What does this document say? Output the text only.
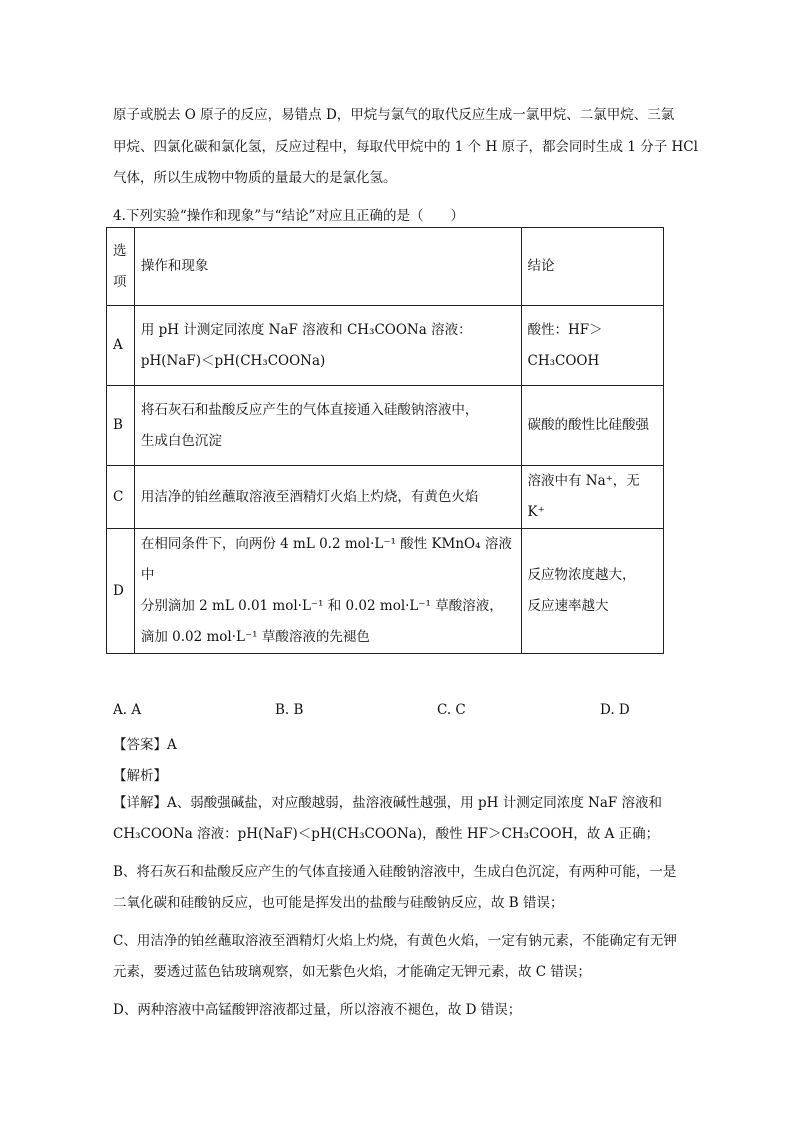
原子或脱去 O 原子的反应，易错点 D，甲烷与氯气的取代反应生成一氯甲烷、二氯甲烷、三氯
甲烷、四氯化碳和氯化氢，反应过程中，每取代甲烷中的 1 个 H 原子，都会同时生成 1 分子 HCl
气体，所以生成物中物质的量最大的是氯化氢。
4.下列实验“操作和现象”与“结论”对应且正确的是（　　）
选项	操作和现象	结论
A	用 pH 计测定同浓度 NaF 溶液和 CH₃COONa 溶液：
pH(NaF)＜pH(CH₃COONa)	酸性：HF＞CH₃COOH

B	将石灰石和盐酸反应产生的气体直接通入硅酸钠溶液中，
生成白色沉淀	碳酸的酸性比硅酸强

C	用洁净的铂丝蘸取溶液至酒精灯火焰上灼烧，有黄色火焰	溶液中有 Na⁺，无 K⁺

D	在相同条件下，向两份 4 mL 0.2 mol·L⁻¹ 酸性 KMnO₄ 溶液中
分别滴加 2 mL 0.01 mol·L⁻¹ 和 0.02 mol·L⁻¹ 草酸溶液，
滴加 0.02 mol·L⁻¹ 草酸溶液的先褪色	反应物浓度越大，
反应速率越大
A. A	B. B	C. C	D. D
【答案】A
【解析】
【详解】A、弱酸强碱盐，对应酸越弱，盐溶液碱性越强，用 pH 计测定同浓度 NaF 溶液和 CH₃COONa 溶液：pH(NaF)＜pH(CH₃COONa)，酸性 HF＞CH₃COOH，故 A 正确；
B、将石灰石和盐酸反应产生的气体直接通入硅酸钠溶液中，生成白色沉淀，有两种可能，一是二氧化碳和硅酸钠反应，也可能是挥发出的盐酸与硅酸钠反应，故 B 错误；
C、用洁净的铂丝蘸取溶液至酒精灯火焰上灼烧，有黄色火焰，一定有钠元素，不能确定有无钾元素，要透过蓝色钴玻璃观察，如无紫色火焰，才能确定无钾元素，故 C 错误；
D、两种溶液中高锰酸钾溶液都过量，所以溶液不褪色，故 D 错误；
